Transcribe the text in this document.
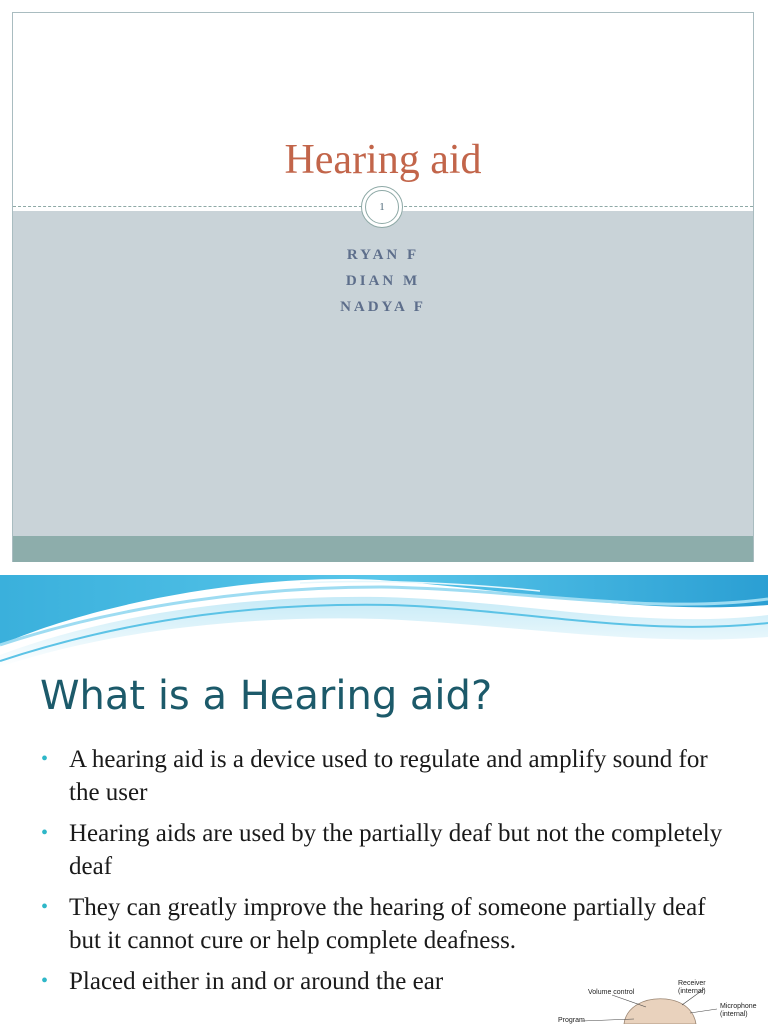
Hearing aid
1
RYAN F
DIAN M
NADYA F
What is a Hearing aid?
• A hearing aid is a device used to regulate and amplify sound for the user
• Hearing aids are used by the partially deaf but not the completely deaf
• They can greatly improve the hearing of someone partially deaf but it cannot cure or help complete deafness.
• Placed either in and or around the ear	Volume control
Receiver
(internal)
Microphone
(internal)
Program
